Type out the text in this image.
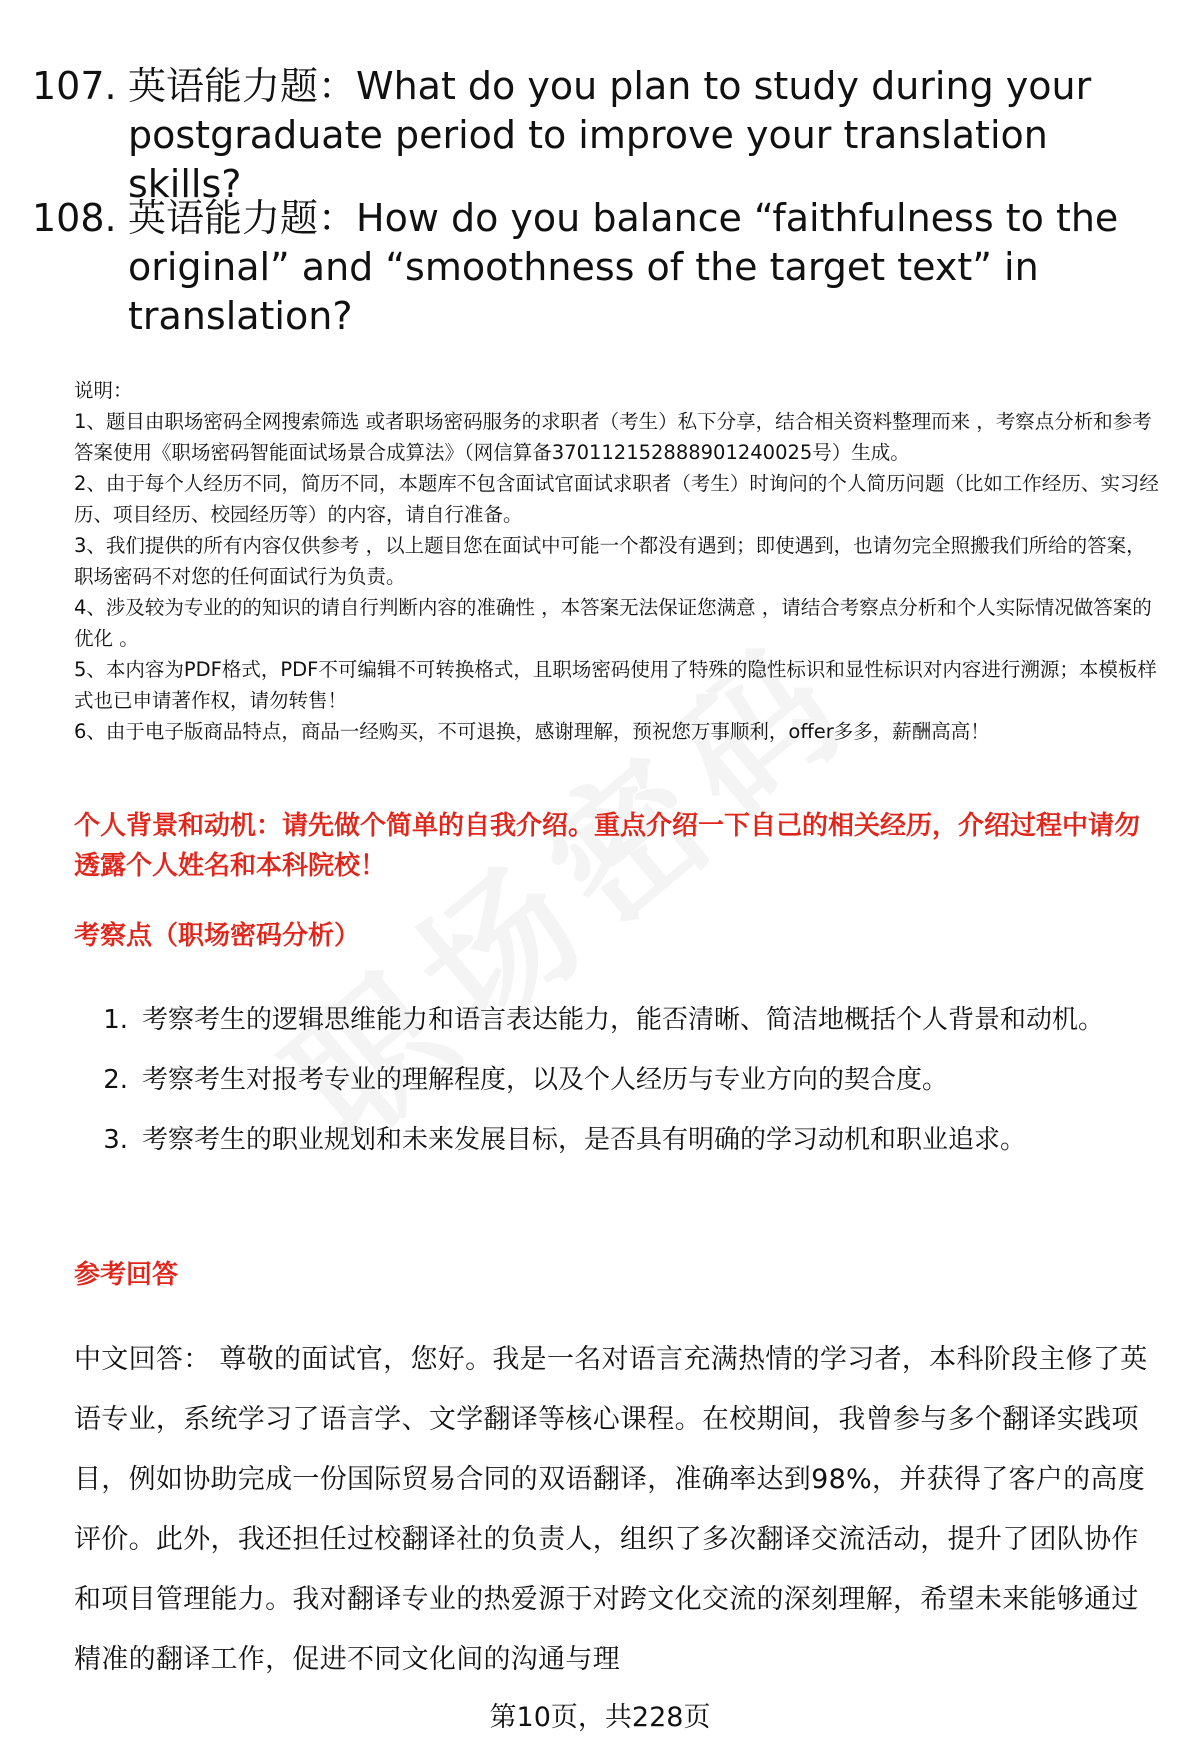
107. 英语能力题：What do you plan to study during your postgraduate period to improve your translation skills?
108. 英语能力题：How do you balance “faithfulness to the original” and “smoothness of the target text” in translation?

说明：

1、题目由职场密码全网搜索筛选 或者职场密码服务的求职者（考生）私下分享，结合相关资料整理而来 ，考察点分析和参考答案使用《职场密码智能面试场景合成算法》（网信算备370112152888901240025号）生成。

2、由于每个人经历不同，简历不同，本题库不包含面试官面试求职者（考生）时询问的个人简历问题（比如工作经历、实习经历、项目经历、校园经历等）的内容，请自行准备。

3、我们提供的所有内容仅供参考 ，以上题目您在面试中可能一个都没有遇到；即使遇到，也请勿完全照搬我们所给的答案，职场密码不对您的任何面试行为负责。

4、涉及较为专业的的知识的请自行判断内容的准确性 ，本答案无法保证您满意 ，请结合考察点分析和个人实际情况做答案的优化 。

5、本内容为PDF格式，PDF不可编辑不可转换格式，且职场密码使用了特殊的隐性标识和显性标识对内容进行溯源；本模板样式也已申请著作权，请勿转售！

6、由于电子版商品特点，商品一经购买，不可退换，感谢理解，预祝您万事顺利，offer多多，薪酬高高！

个人背景和动机：请先做个简单的自我介绍。重点介绍一下自己的相关经历，介绍过程中请勿透露个人姓名和本科院校！
考察点（职场密码分析）
1. 考察考生的逻辑思维能力和语言表达能力，能否清晰、简洁地概括个人背景和动机。
2. 考察考生对报考专业的理解程度，以及个人经历与专业方向的契合度。
3. 考察考生的职业规划和未来发展目标，是否具有明确的学习动机和职业追求。
参考回答

中文回答： 尊敬的面试官，您好。我是一名对语言充满热情的学习者，本科阶段主修了英语专业，系统学习了语言学、文学翻译等核心课程。在校期间，我曾参与多个翻译实践项目，例如协助完成一份国际贸易合同的双语翻译，准确率达到98%，并获得了客户的高度评价。此外，我还担任过校翻译社的负责人，组织了多次翻译交流活动，提升了团队协作和项目管理能力。我对翻译专业的热爱源于对跨文化交流的深刻理解，希望未来能够通过精准的翻译工作，促进不同文化间的沟通与理

第10页，共228页
